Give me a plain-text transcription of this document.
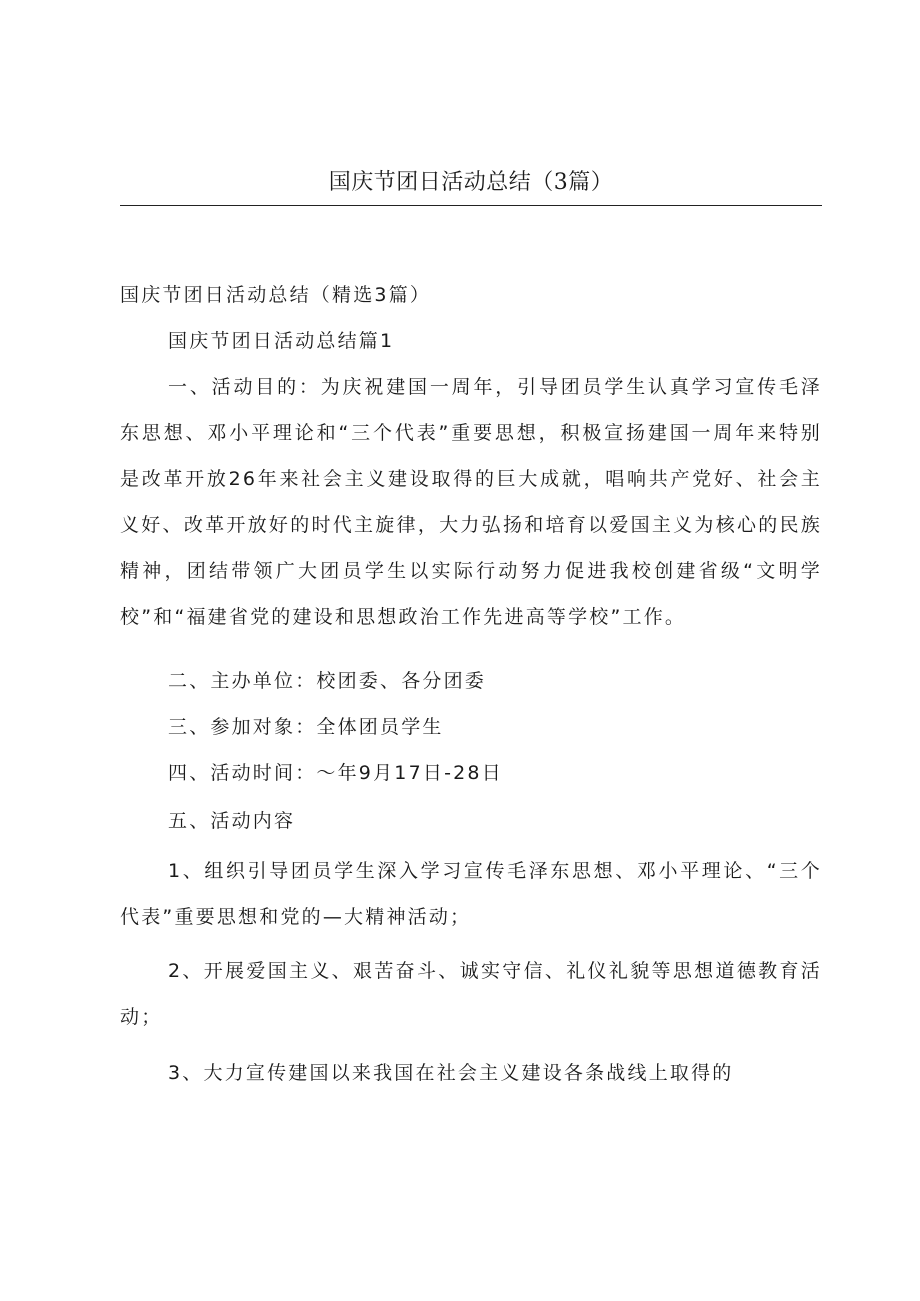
国庆节团日活动总结（3篇）

国庆节团日活动总结（精选3篇）

国庆节团日活动总结篇1

一、活动目的：为庆祝建国一周年，引导团员学生认真学习宣传毛泽东思想、邓小平理论和“三个代表”重要思想，积极宣扬建国一周年来特别是改革开放26年来社会主义建设取得的巨大成就，唱响共产党好、社会主义好、改革开放好的时代主旋律，大力弘扬和培育以爱国主义为核心的民族精神，团结带领广大团员学生以实际行动努力促进我校创建省级“文明学校”和“福建省党的建设和思想政治工作先进高等学校”工作。

二、主办单位：校团委、各分团委

三、参加对象：全体团员学生

四、活动时间：～年9月17日-28日

五、活动内容

1、组织引导团员学生深入学习宣传毛泽东思想、邓小平理论、“三个代表”重要思想和党的—大精神活动；

2、开展爱国主义、艰苦奋斗、诚实守信、礼仪礼貌等思想道德教育活动；

3、大力宣传建国以来我国在社会主义建设各条战线上取得的
